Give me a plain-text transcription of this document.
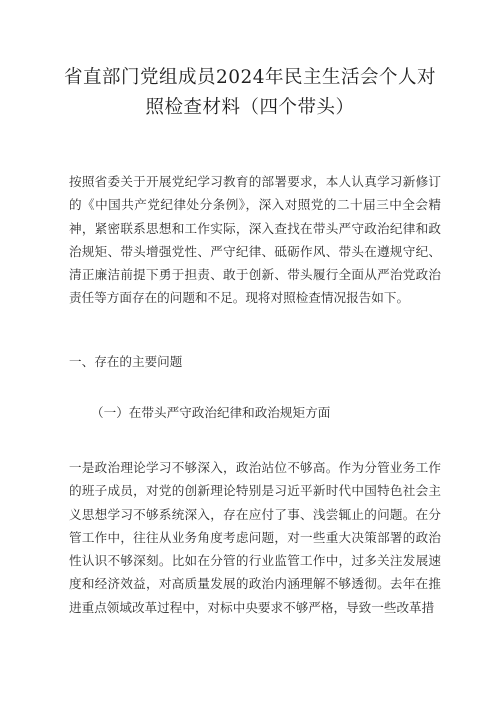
省直部门党组成员2024年民主生活会个人对
照检查材料（四个带头）

按照省委关于开展党纪学习教育的部署要求，本人认真学习新修订的《中国共产党纪律处分条例》，深入对照党的二十届三中全会精神，紧密联系思想和工作实际，深入查找在带头严守政治纪律和政治规矩、带头增强党性、严守纪律、砥砺作风、带头在遵规守纪、清正廉洁前提下勇于担责、敢于创新、带头履行全面从严治党政治责任等方面存在的问题和不足。现将对照检查情况报告如下。

一、存在的主要问题
（一）在带头严守政治纪律和政治规矩方面

一是政治理论学习不够深入，政治站位不够高。作为分管业务工作的班子成员，对党的创新理论特别是习近平新时代中国特色社会主义思想学习不够系统深入，存在应付了事、浅尝辄止的问题。在分管工作中，往往从业务角度考虑问题，对一些重大决策部署的政治性认识不够深刻。比如在分管的行业监管工作中，过多关注发展速度和经济效益，对高质量发展的政治内涵理解不够透彻。去年在推进重点领域改革过程中，对标中央要求不够严格，导致一些改革措
